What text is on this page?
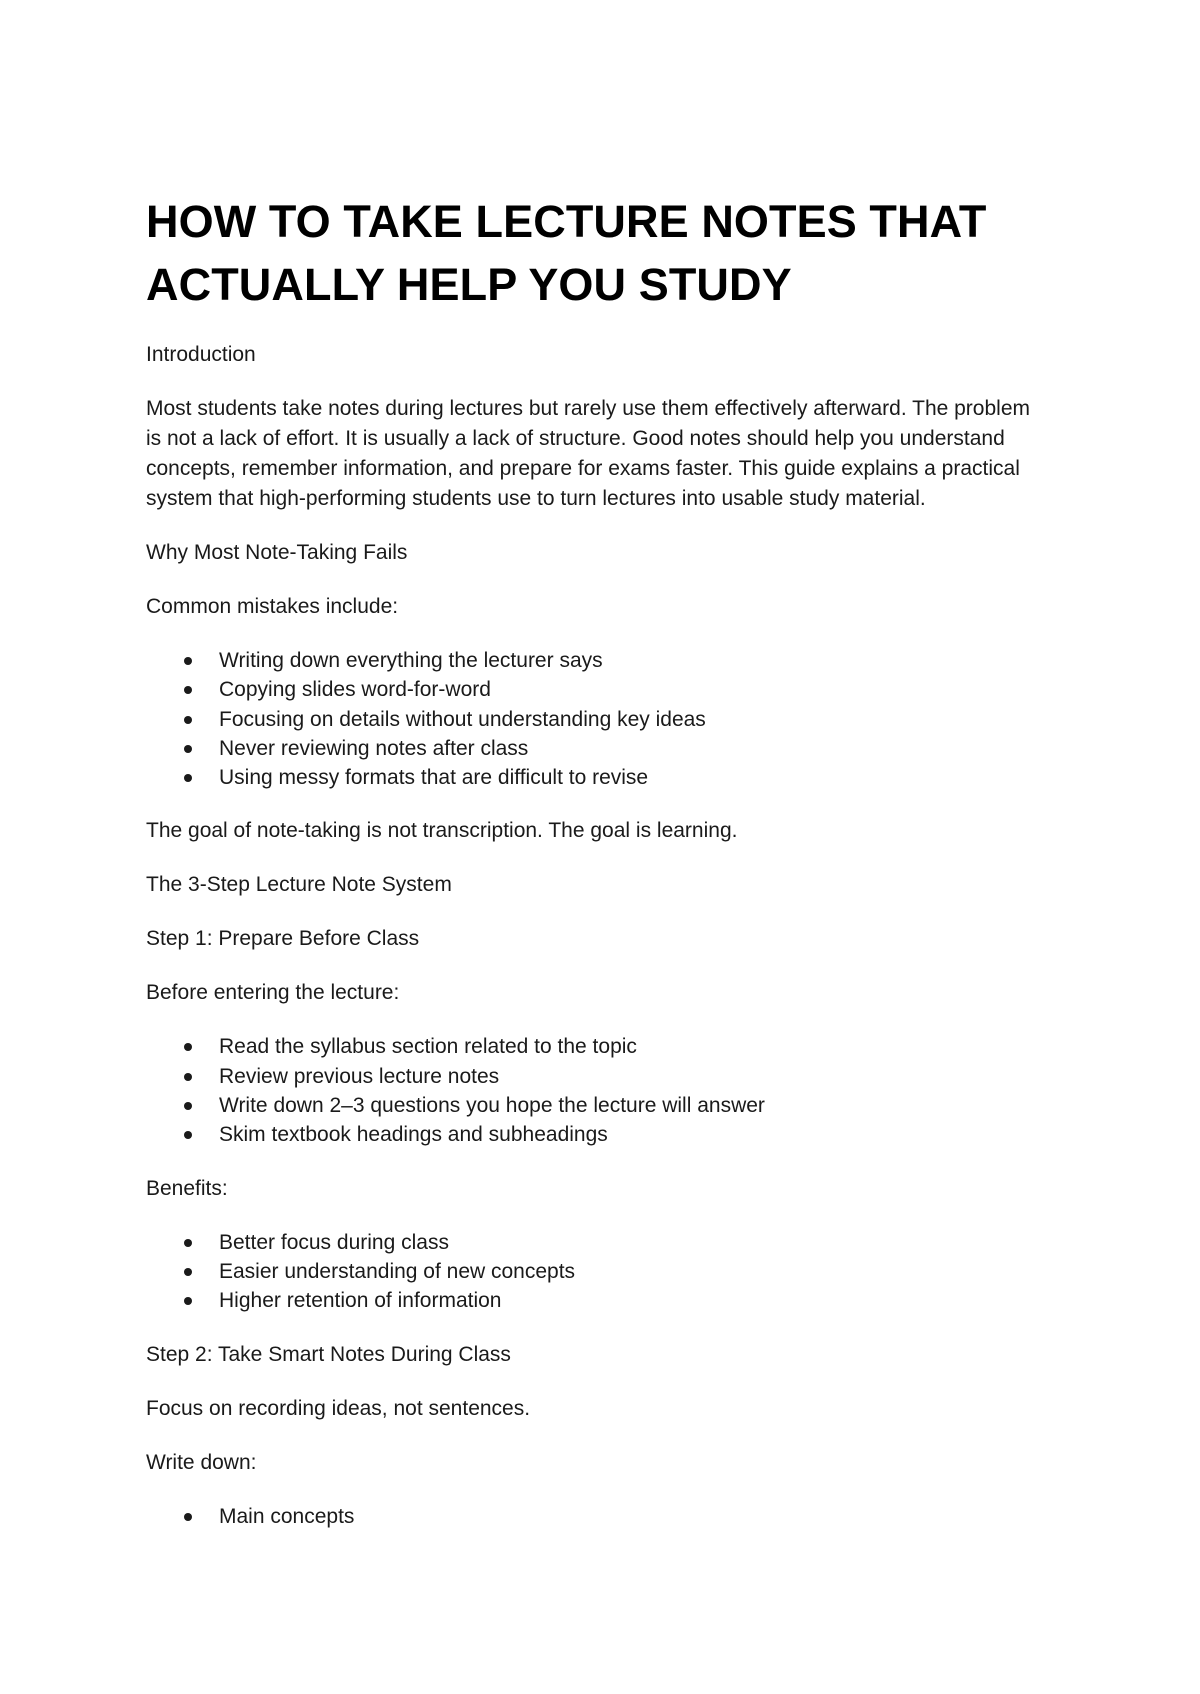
HOW TO TAKE LECTURE NOTES THAT
ACTUALLY HELP YOU STUDY

Introduction

Most students take notes during lectures but rarely use them effectively afterward. The problem is not a lack of effort. It is usually a lack of structure. Good notes should help you understand concepts, remember information, and prepare for exams faster. This guide explains a practical system that high-performing students use to turn lectures into usable study material.

Why Most Note-Taking Fails

Common mistakes include:

Writing down everything the lecturer says
Copying slides word-for-word
Focusing on details without understanding key ideas
Never reviewing notes after class
Using messy formats that are difficult to revise

The goal of note-taking is not transcription. The goal is learning.

The 3-Step Lecture Note System

Step 1: Prepare Before Class

Before entering the lecture:

Read the syllabus section related to the topic
Review previous lecture notes
Write down 2–3 questions you hope the lecture will answer
Skim textbook headings and subheadings

Benefits:

Better focus during class
Easier understanding of new concepts
Higher retention of information

Step 2: Take Smart Notes During Class

Focus on recording ideas, not sentences.

Write down:

Main concepts
